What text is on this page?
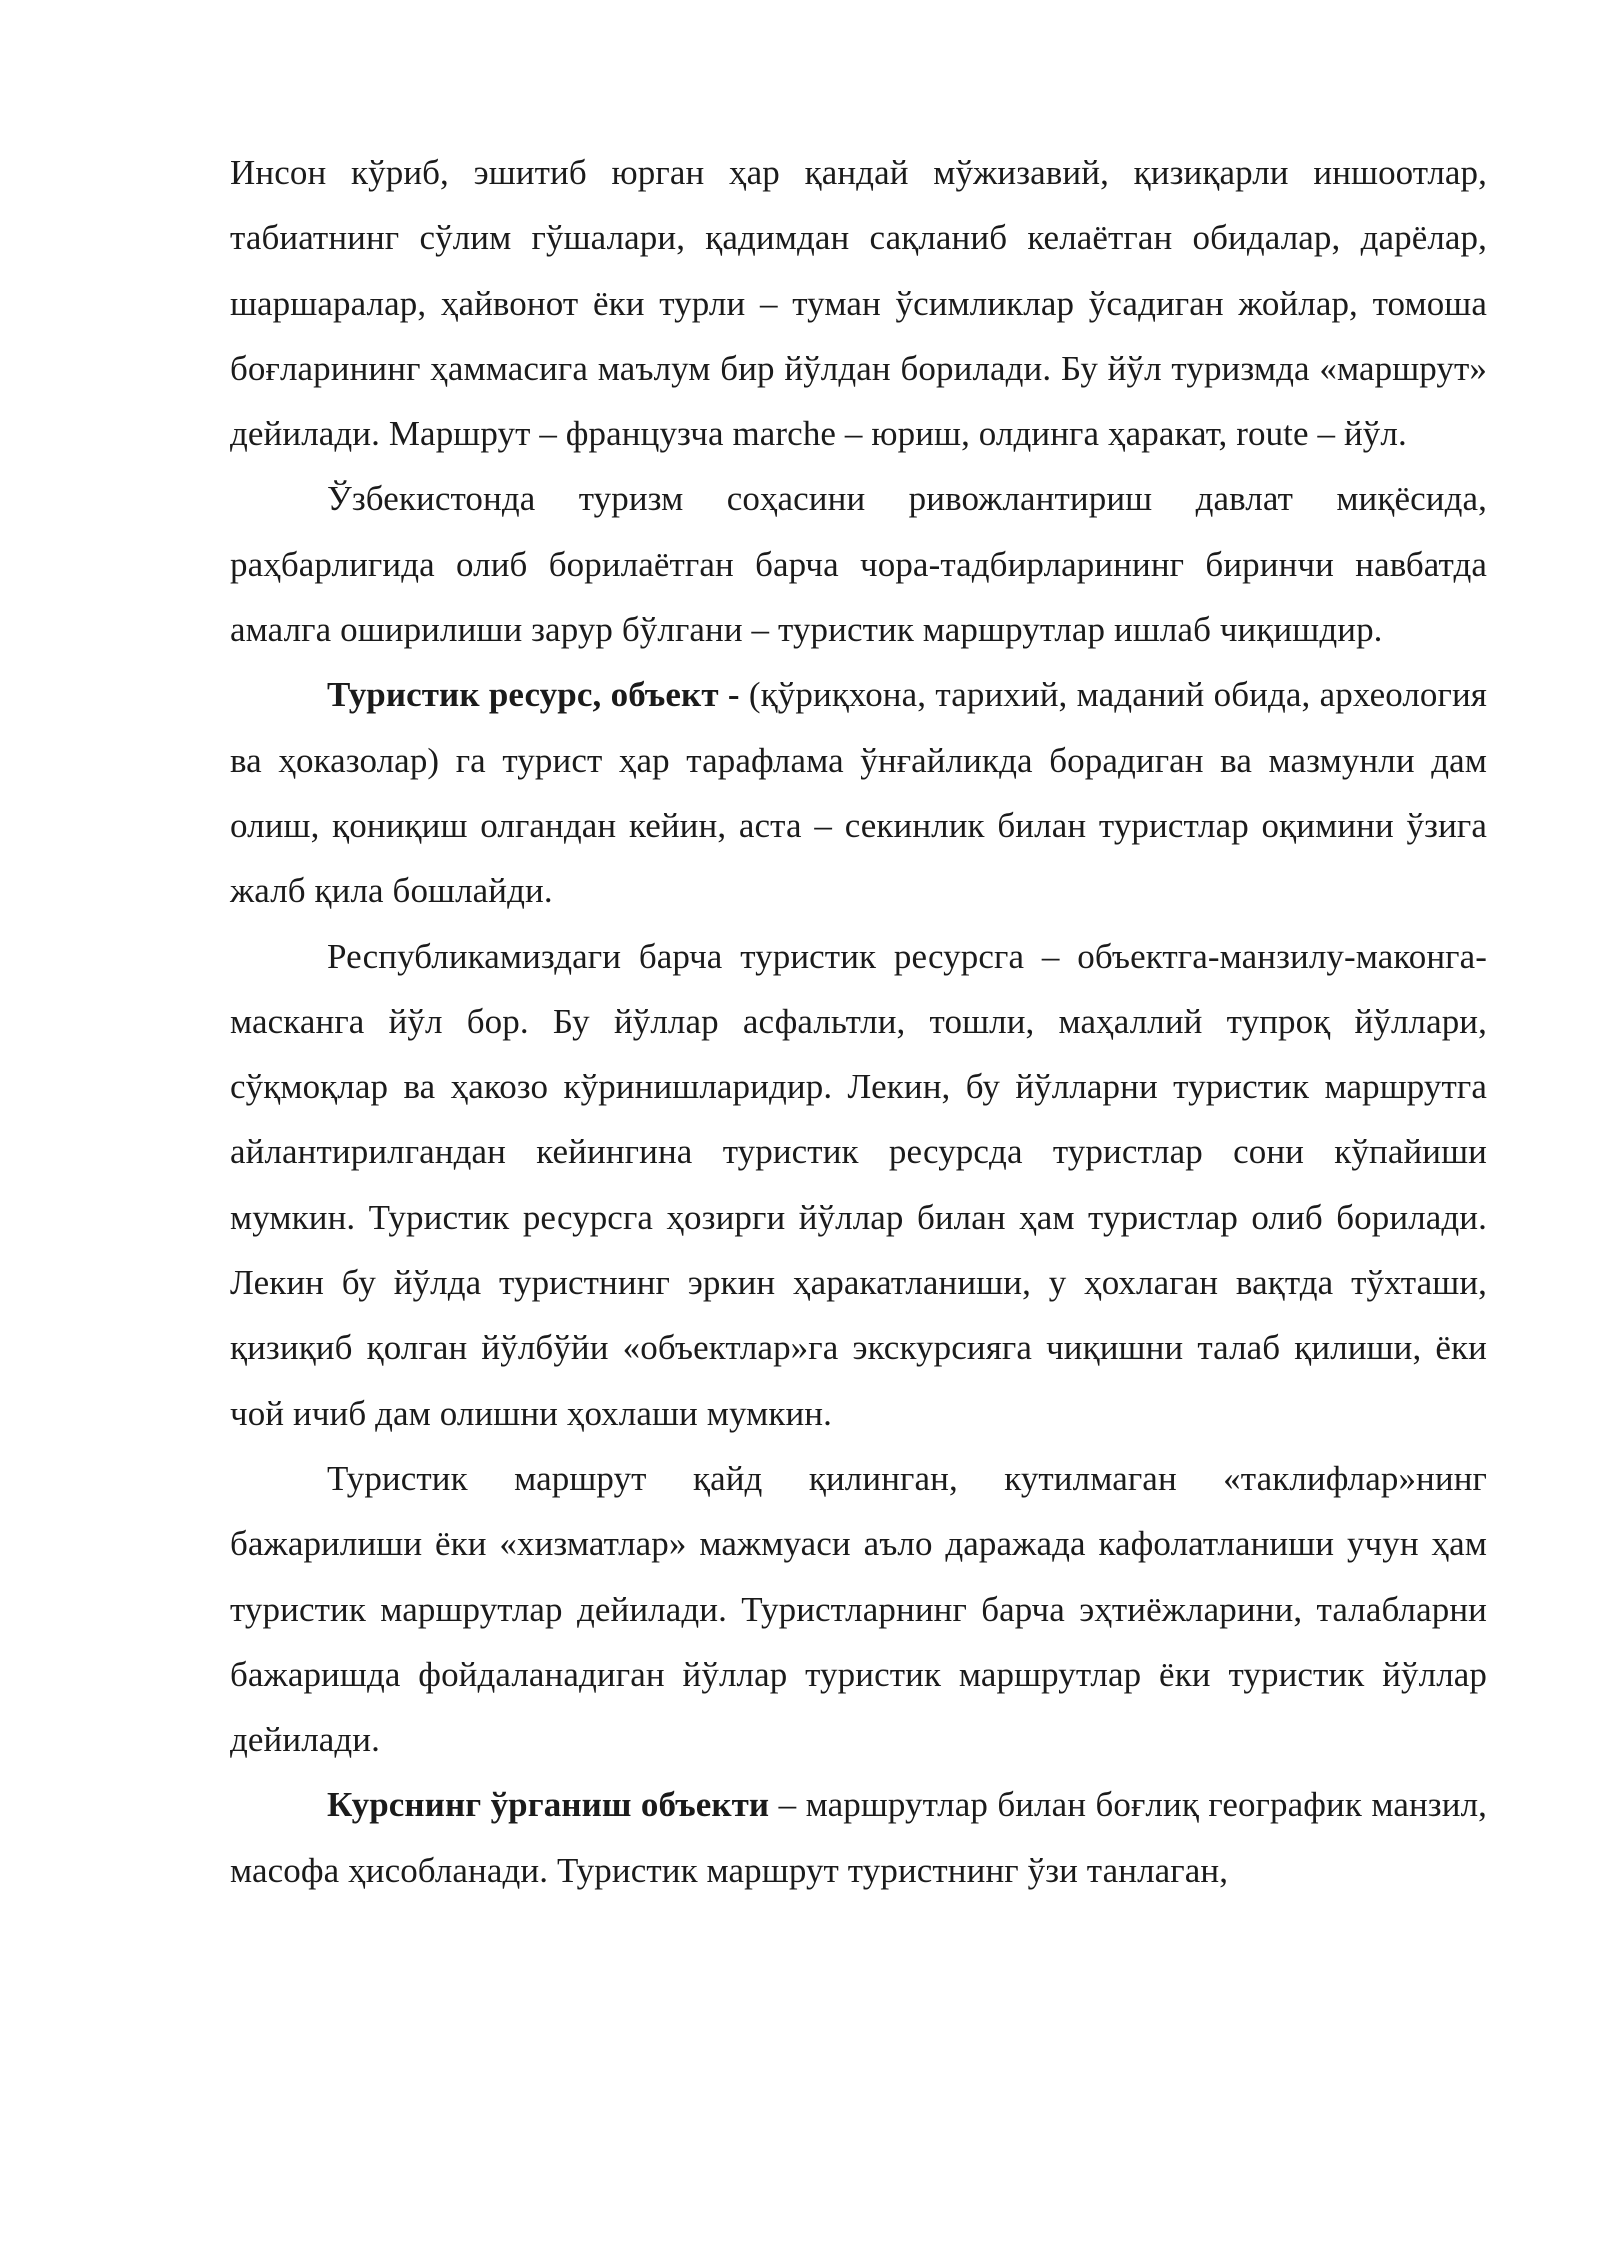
Инсон кўриб, эшитиб юрган ҳар қандай мўжизавий, қизиқарли иншоотлар, табиатнинг сўлим гўшалари, қадимдан сақланиб келаётган обидалар, дарёлар, шаршаралар, ҳайвонот ёки турли – туман ўсимликлар ўсадиган жойлар, томоша боғларининг ҳаммасига маълум бир йўлдан борилади. Бу йўл туризмда «маршрут» дейилади. Маршрут – французча marche – юриш, олдинга ҳаракат, route – йўл.

Ўзбекистонда туризм соҳасини ривожлантириш давлат миқёсида, раҳбарлигида олиб борилаётган барча чора-тадбирларининг биринчи навбатда амалга оширилиши зарур бўлгани – туристик маршрутлар ишлаб чиқишдир.

Туристик ресурс, объект - (қўриқхона, тарихий, маданий обида, археология ва ҳоказолар) га турист ҳар тарафлама ўнғайликда борадиган ва мазмунли дам олиш, қониқиш олгандан кейин, аста – секинлик билан туристлар оқимини ўзига жалб қила бошлайди.

Республикамиздаги барча туристик ресурсга – объектга-манзилу-маконга-масканга йўл бор. Бу йўллар асфальтли, тошли, маҳаллий тупроқ йўллари, сўқмоқлар ва ҳакозо кўринишларидир. Лекин, бу йўлларни туристик маршрутга айлантирилгандан кейингина туристик ресурсда туристлар сони кўпайиши мумкин. Туристик ресурсга ҳозирги йўллар билан ҳам туристлар олиб борилади. Лекин бу йўлда туристнинг эркин ҳаракатланиши, у ҳохлаган вақтда тўхташи, қизиқиб қолган йўлбўйи «объектлар»га экскурсияга чиқишни талаб қилиши, ёки чой ичиб дам олишни ҳохлаши мумкин.

Туристик маршрут қайд қилинган, кутилмаган «таклифлар»нинг бажарилиши ёки «хизматлар» мажмуаси аъло даражада кафолатланиши учун ҳам туристик маршрутлар дейилади. Туристларнинг барча эҳтиёжларини, талабларни бажаришда фойдаланадиган йўллар туристик маршрутлар ёки туристик йўллар дейилади.

Курснинг ўрганиш объекти – маршрутлар билан боғлиқ географик манзил, масофа ҳисобланади. Туристик маршрут туристнинг ўзи танлаган,
